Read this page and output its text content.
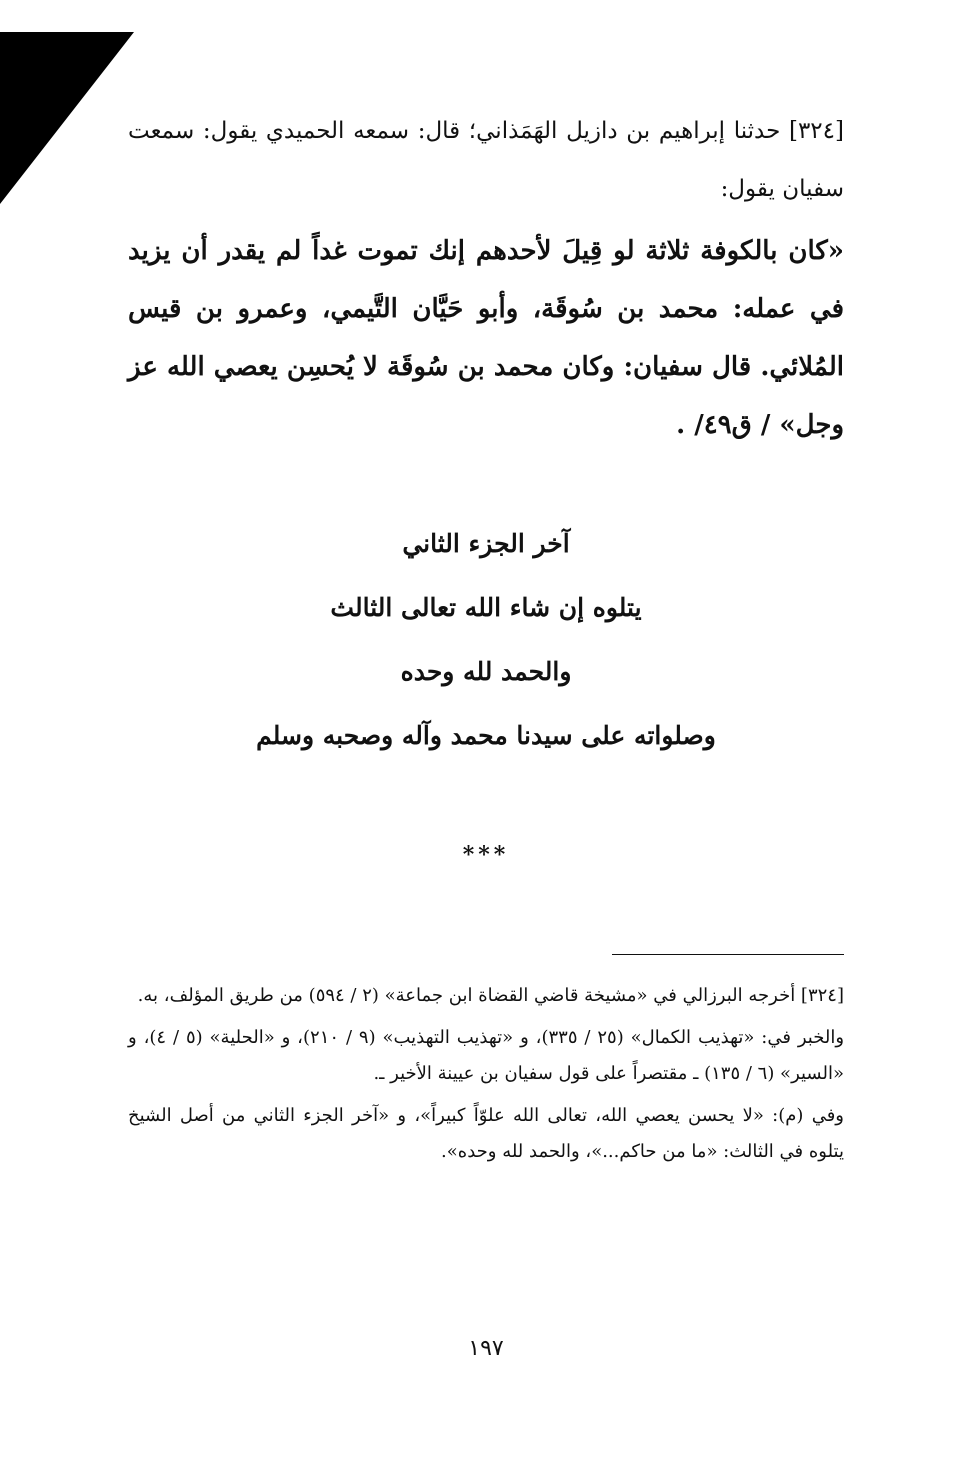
[٣٢٤] حدثنا إبراهيم بن دازيل الهَمَذاني؛ قال: سمعه الحميدي يقول: سمعت سفيان يقول:

«كان بالكوفة ثلاثة لو قِيلَ لأحدهم إنك تموت غداً لم يقدر أن يزيد في عمله: محمد بن سُوقَة، وأبو حَيَّان التَّيمي، وعمرو بن قيس المُلائي. قال سفيان: وكان محمد بن سُوقَة لا يُحسِن يعصي الله عز وجل» / ق٤٩/ .

آخر الجزء الثاني

يتلوه إن شاء الله تعالى الثالث

والحمد لله وحده

وصلواته على سيدنا محمد وآله وصحبه وسلم

***

[٣٢٤] أخرجه البرزالي في «مشيخة قاضي القضاة ابن جماعة» (٢ / ٥٩٤) من طريق المؤلف، به.

والخبر في: «تهذيب الكمال» (٢٥ / ٣٣٥)، و «تهذيب التهذيب» (٩ / ٢١٠)، و «الحلية» (٥ / ٤)، و «السير» (٦ / ١٣٥) ـ مقتصراً على قول سفيان بن عيينة الأخير ـ.

وفي (م): «لا يحسن يعصي الله، تعالى الله علوّاً كبيراً»، و «آخر الجزء الثاني من أصل الشيخ يتلوه في الثالث: «ما من حاكم...»، والحمد لله وحده».

١٩٧
